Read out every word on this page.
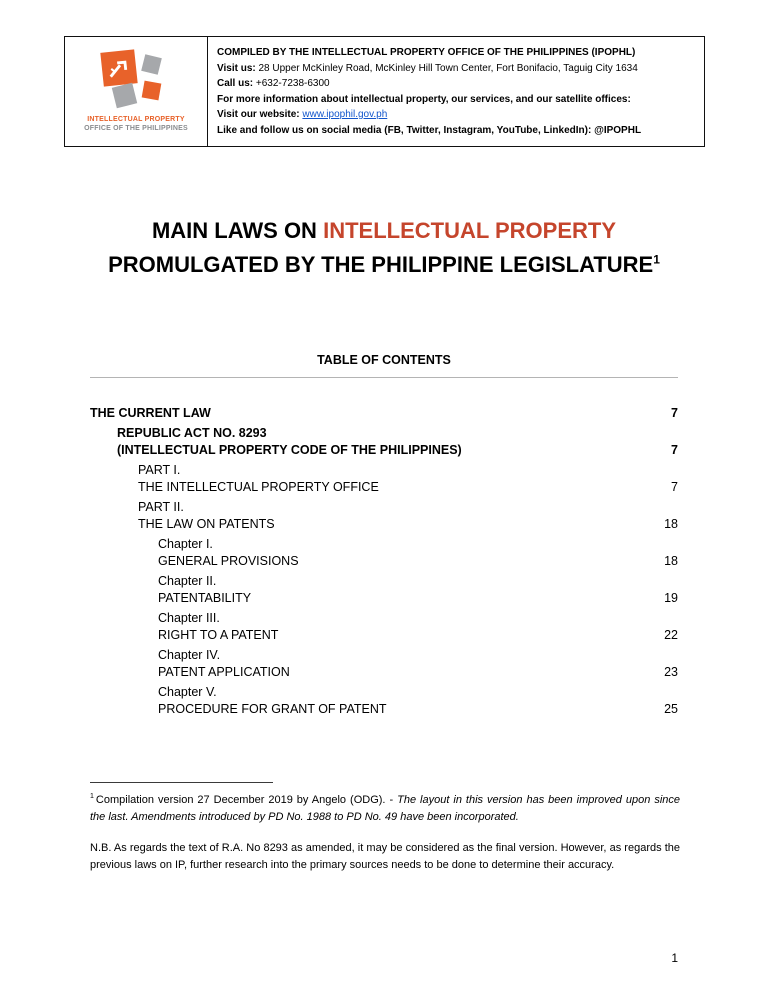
INTELLECTUAL PROPERTY
OFFICE OF THE PHILIPPINES
COMPILED BY THE INTELLECTUAL PROPERTY OFFICE OF THE PHILIPPINES (IPOPHL)
Visit us: 28 Upper McKinley Road, McKinley Hill Town Center, Fort Bonifacio, Taguig City 1634
Call us: +632-7238-6300
For more information about intellectual property, our services, and our satellite offices:
Visit our website: www.ipophil.gov.ph
Like and follow us on social media (FB, Twitter, Instagram, YouTube, LinkedIn): @IPOPHL
MAIN LAWS ON INTELLECTUAL PROPERTY
PROMULGATED BY THE PHILIPPINE LEGISLATURE$^1$
TABLE OF CONTENTS
THE CURRENT LAW	7
REPUBLIC ACT NO. 8293
(INTELLECTUAL PROPERTY CODE OF THE PHILIPPINES)	7
PART I.
THE INTELLECTUAL PROPERTY OFFICE	7
PART II.
THE LAW ON PATENTS	18
Chapter I.
GENERAL PROVISIONS	18
Chapter II.
PATENTABILITY	19
Chapter III.
RIGHT TO A PATENT	22
Chapter IV.
PATENT APPLICATION	23
Chapter V.
PROCEDURE FOR GRANT OF PATENT	25
$^1$ Compilation version 27 December 2019 by Angelo (ODG). - The layout in this version has been improved upon since the last. Amendments introduced by PD No. 1988 to PD No. 49 have been incorporated.
N.B. As regards the text of R.A. No 8293 as amended, it may be considered as the final version. However, as regards the previous laws on IP, further research into the primary sources needs to be done to determine their accuracy.
1
